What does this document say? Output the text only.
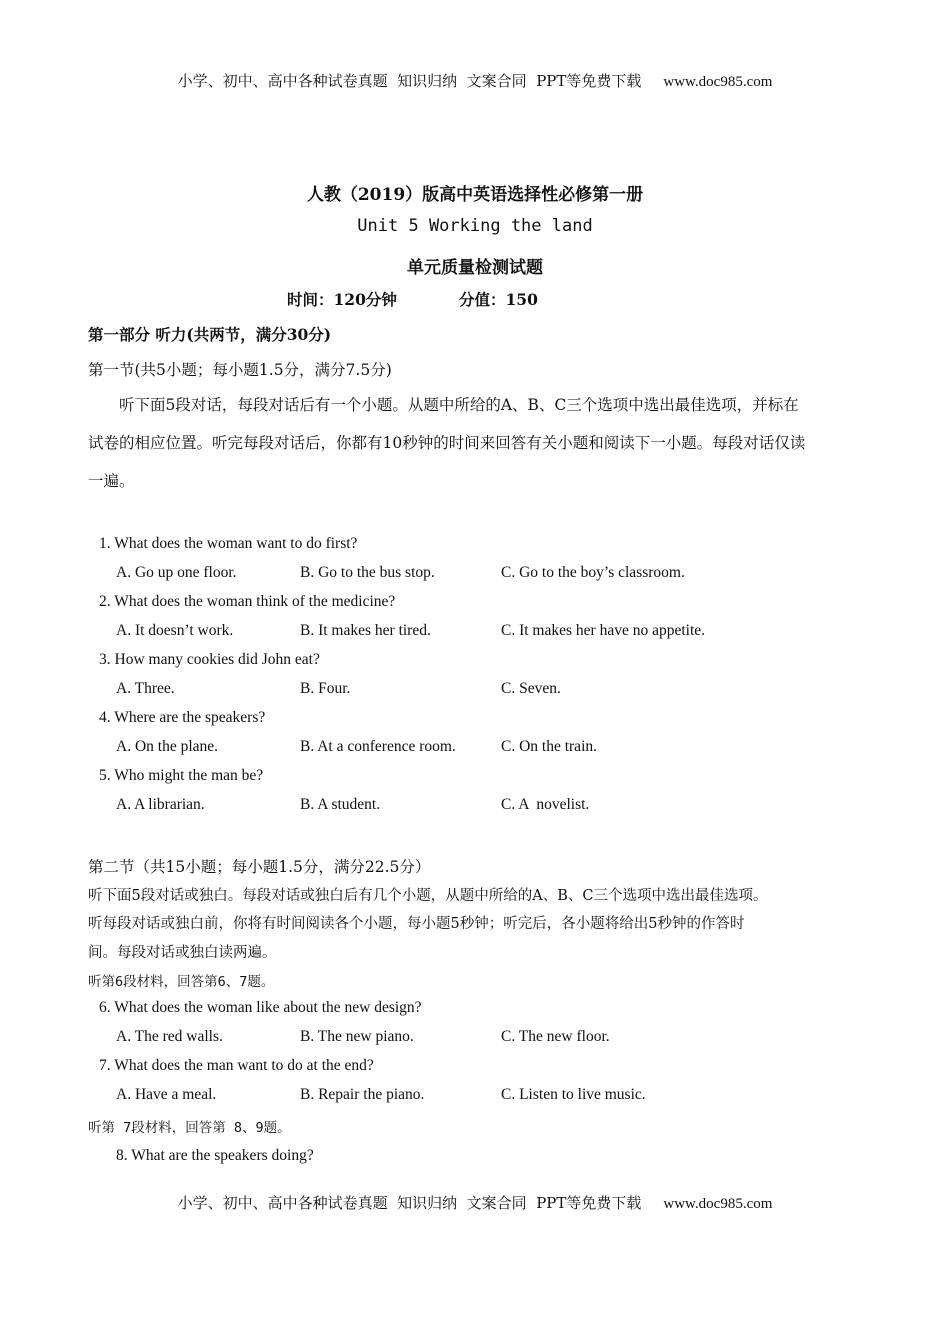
小学、初中、高中各种试卷真题  知识归纳  文案合同  PPT等免费下载 www.doc985.com
人教（2019）版高中英语选择性必修第一册
Unit 5 Working the land
单元质量检测试题
时间：120分钟	分值：150
第一部分 听力(共两节，满分30分)
第一节(共5小题；每小题1.5分，满分7.5分)
听下面5段对话，每段对话后有一个小题。从题中所给的A、B、C三个选项中选出最佳选项，并标在
试卷的相应位置。听完每段对话后，你都有10秒钟的时间来回答有关小题和阅读下一小题。每段对话仅读
一遍。
1. What does the woman want to do first?
A. Go up one floor.	B. Go to the bus stop.	C. Go to the boy’s classroom.
2. What does the woman think of the medicine?
A. It doesn’t work.	B. It makes her tired.	C. It makes her have no appetite.
3. How many cookies did John eat?
A. Three.	B. Four.	C. Seven.
4. Where are the speakers?
A. On the plane.	B. At a conference room.	C. On the train.
5. Who might the man be?
A. A librarian.	B. A student.	C. A  novelist.
第二节（共15小题；每小题1.5分，满分22.5分）
听下面5段对话或独白。每段对话或独白后有几个小题，从题中所给的A、B、C三个选项中选出最佳选项。
听每段对话或独白前，你将有时间阅读各个小题，每小题5秒钟；听完后，各小题将给出5秒钟的作答时
间。每段对话或独白读两遍。
听第6段材料，回答第6、7题。
6. What does the woman like about the new design?
A. The red walls.	B. The new piano.	C. The new floor.
7. What does the man want to do at the end?
A. Have a meal.	B. Repair the piano.	C. Listen to live music.
听第 7段材料，回答第 8、9题。
8. What are the speakers doing?
小学、初中、高中各种试卷真题  知识归纳  文案合同  PPT等免费下载 www.doc985.com
